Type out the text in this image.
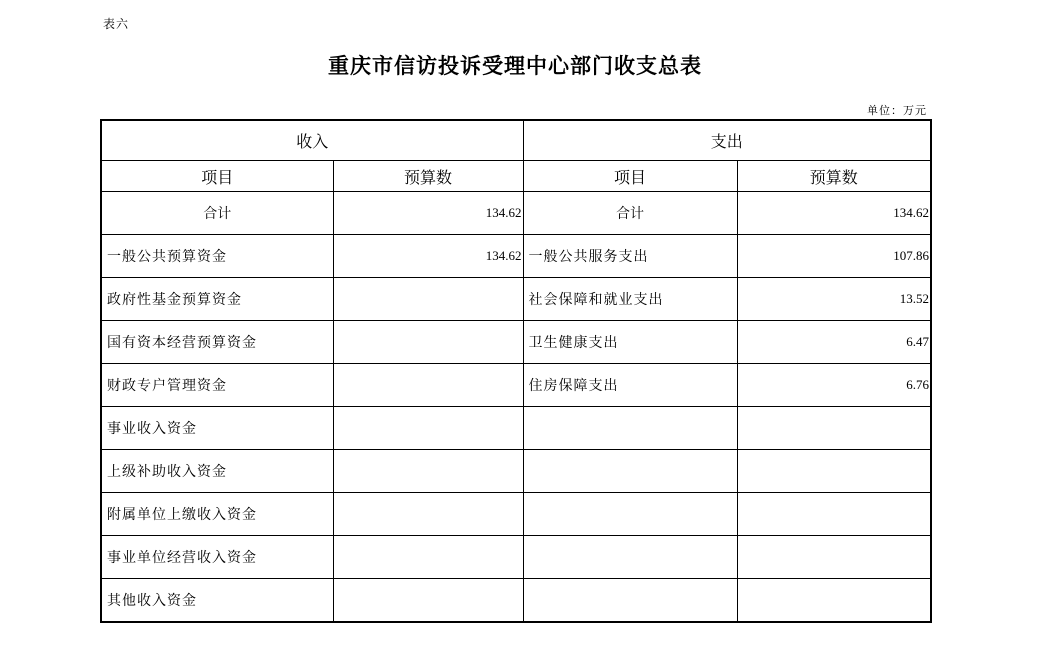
表六
重庆市信访投诉受理中心部门收支总表
单位：万元
收入		支出	
项目	预算数	项目	预算数
合计	134.62	合计	134.62
一般公共预算资金	134.62	一般公共服务支出	107.86
政府性基金预算资金		社会保障和就业支出	13.52
国有资本经营预算资金		卫生健康支出	6.47
财政专户管理资金		住房保障支出	6.76
事业收入资金			
上级补助收入资金			
附属单位上缴收入资金			
事业单位经营收入资金			
其他收入资金			
